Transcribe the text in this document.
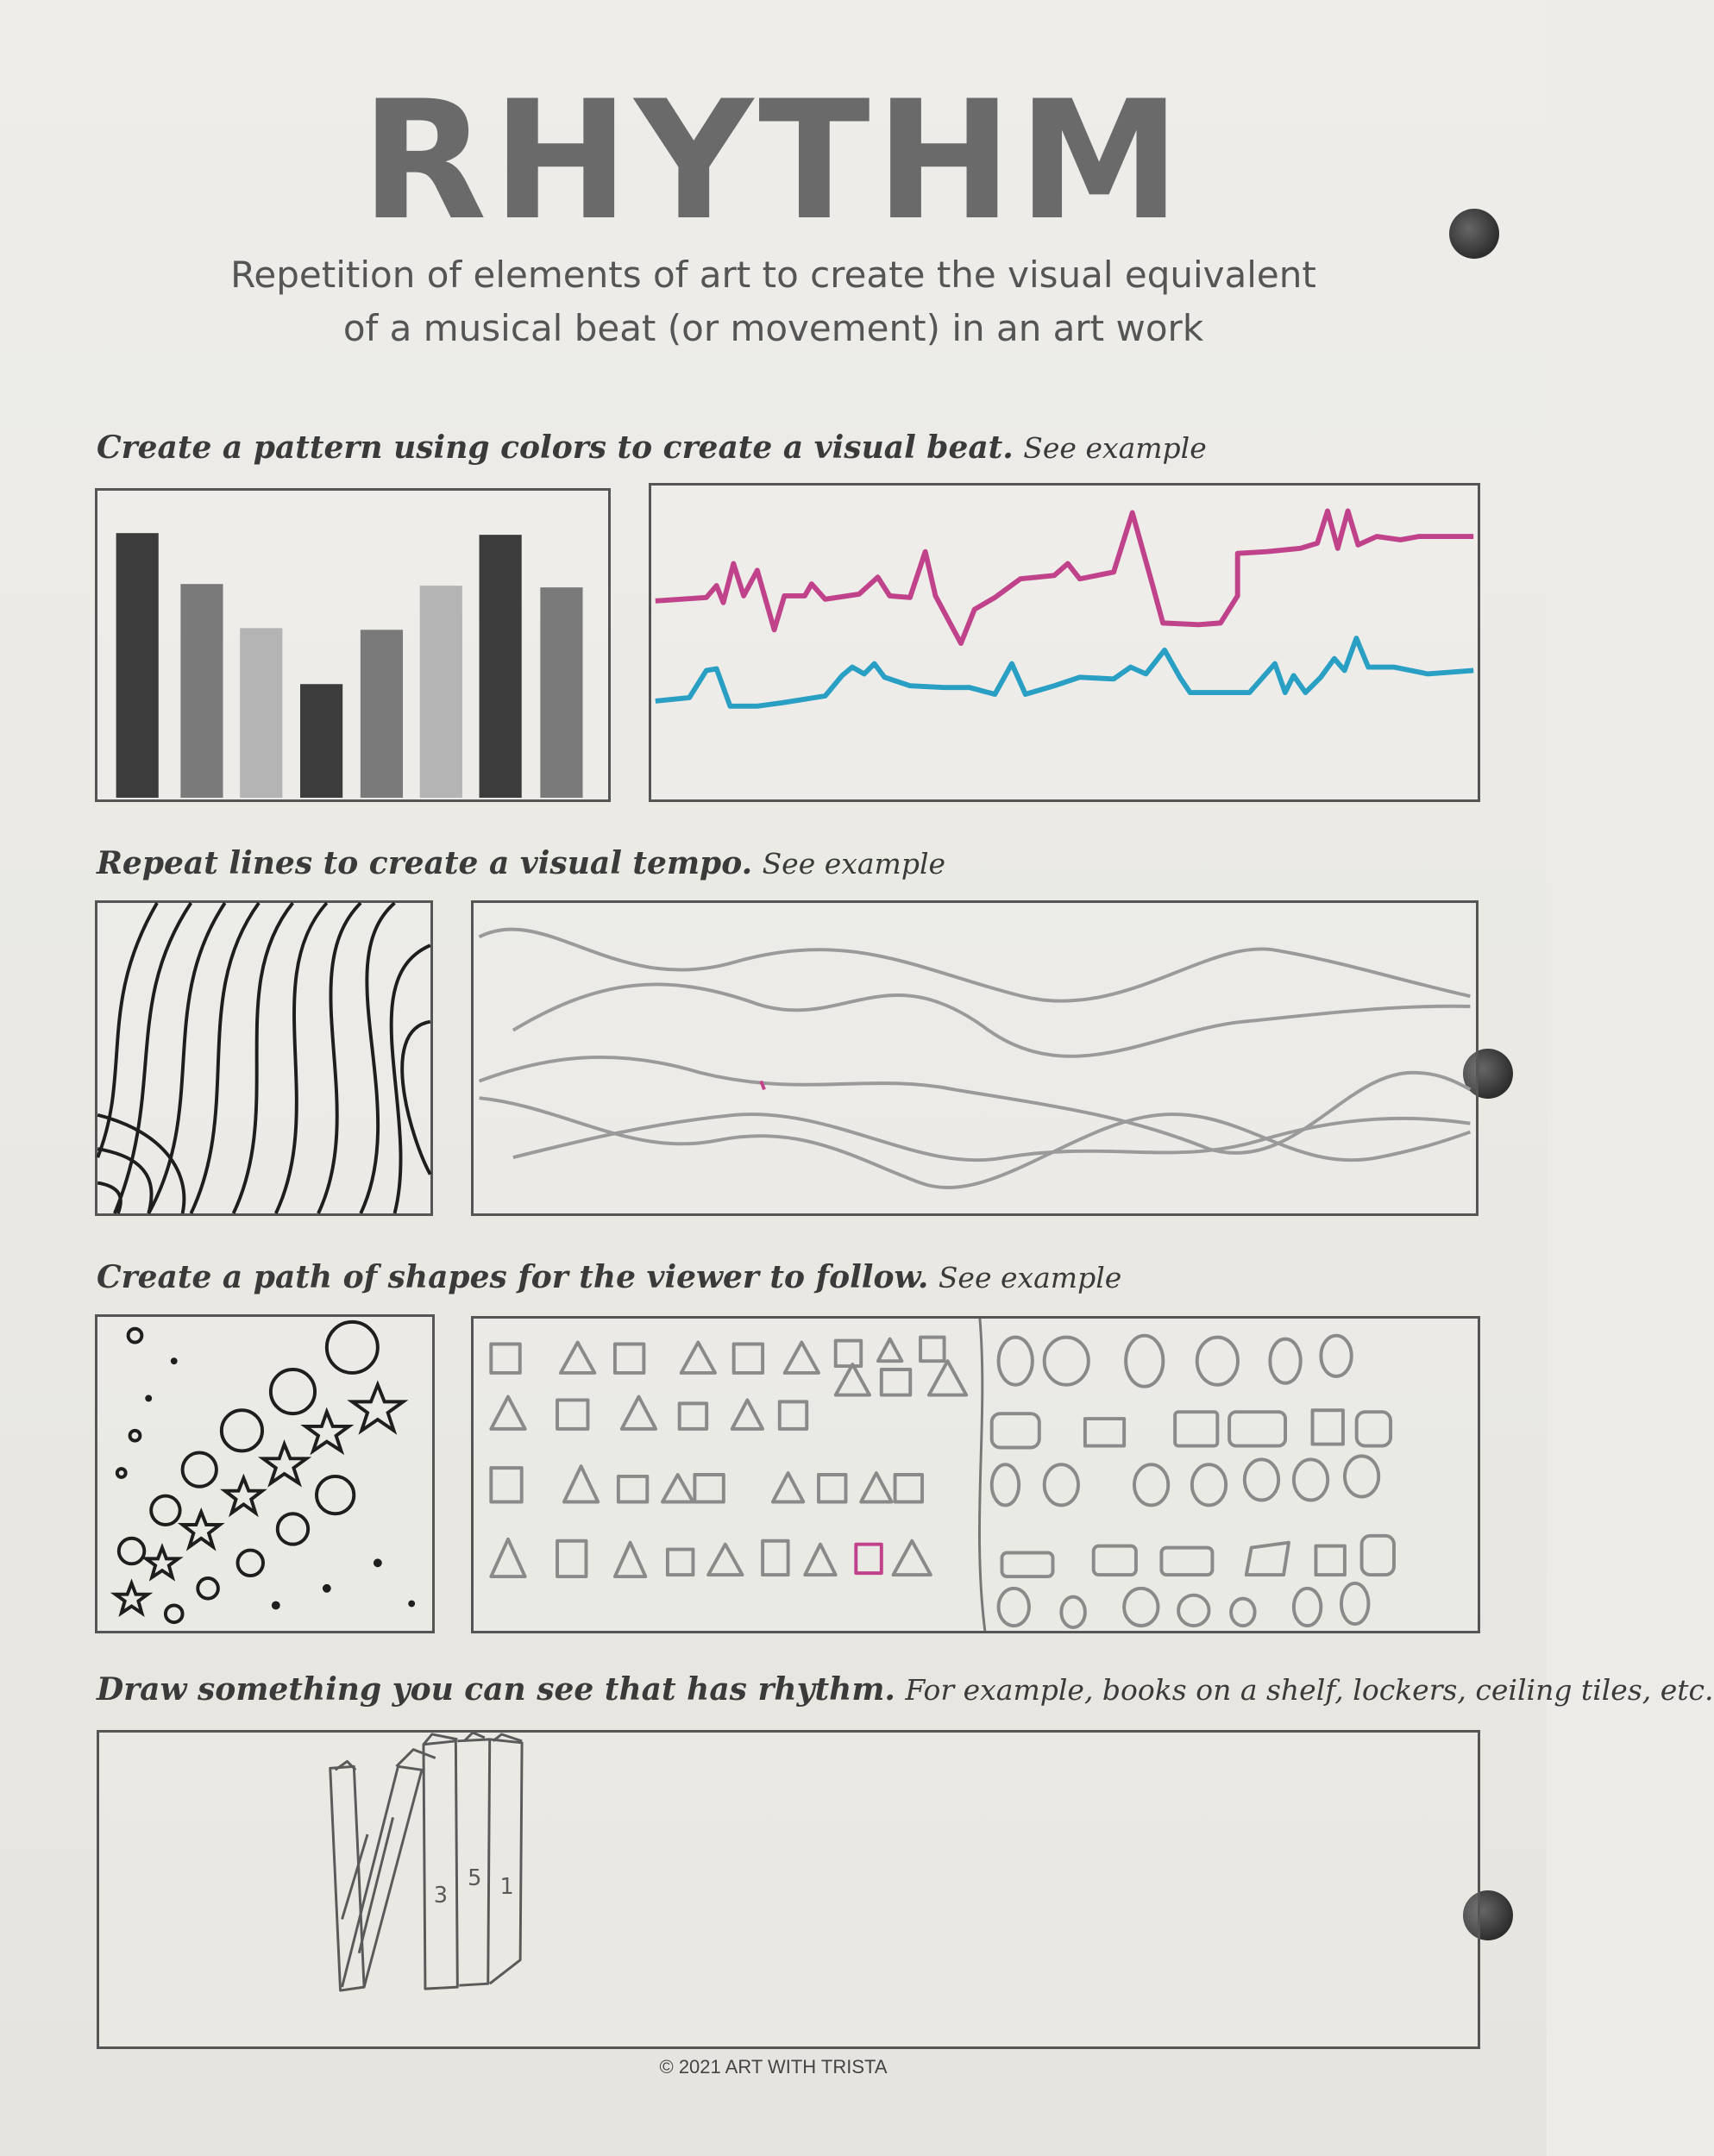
RHYTHM
Repetition of elements of art to create the visual equivalent
of a musical beat (or movement) in an art work
Create a pattern using colors to create a visual beat. See example
Repeat lines to create a visual tempo. See example
Create a path of shapes for the viewer to follow. See example
Draw something you can see that has rhythm. For example, books on a shelf, lockers, ceiling tiles, etc.
3
5 1
© 2021 ART WITH TRISTA
